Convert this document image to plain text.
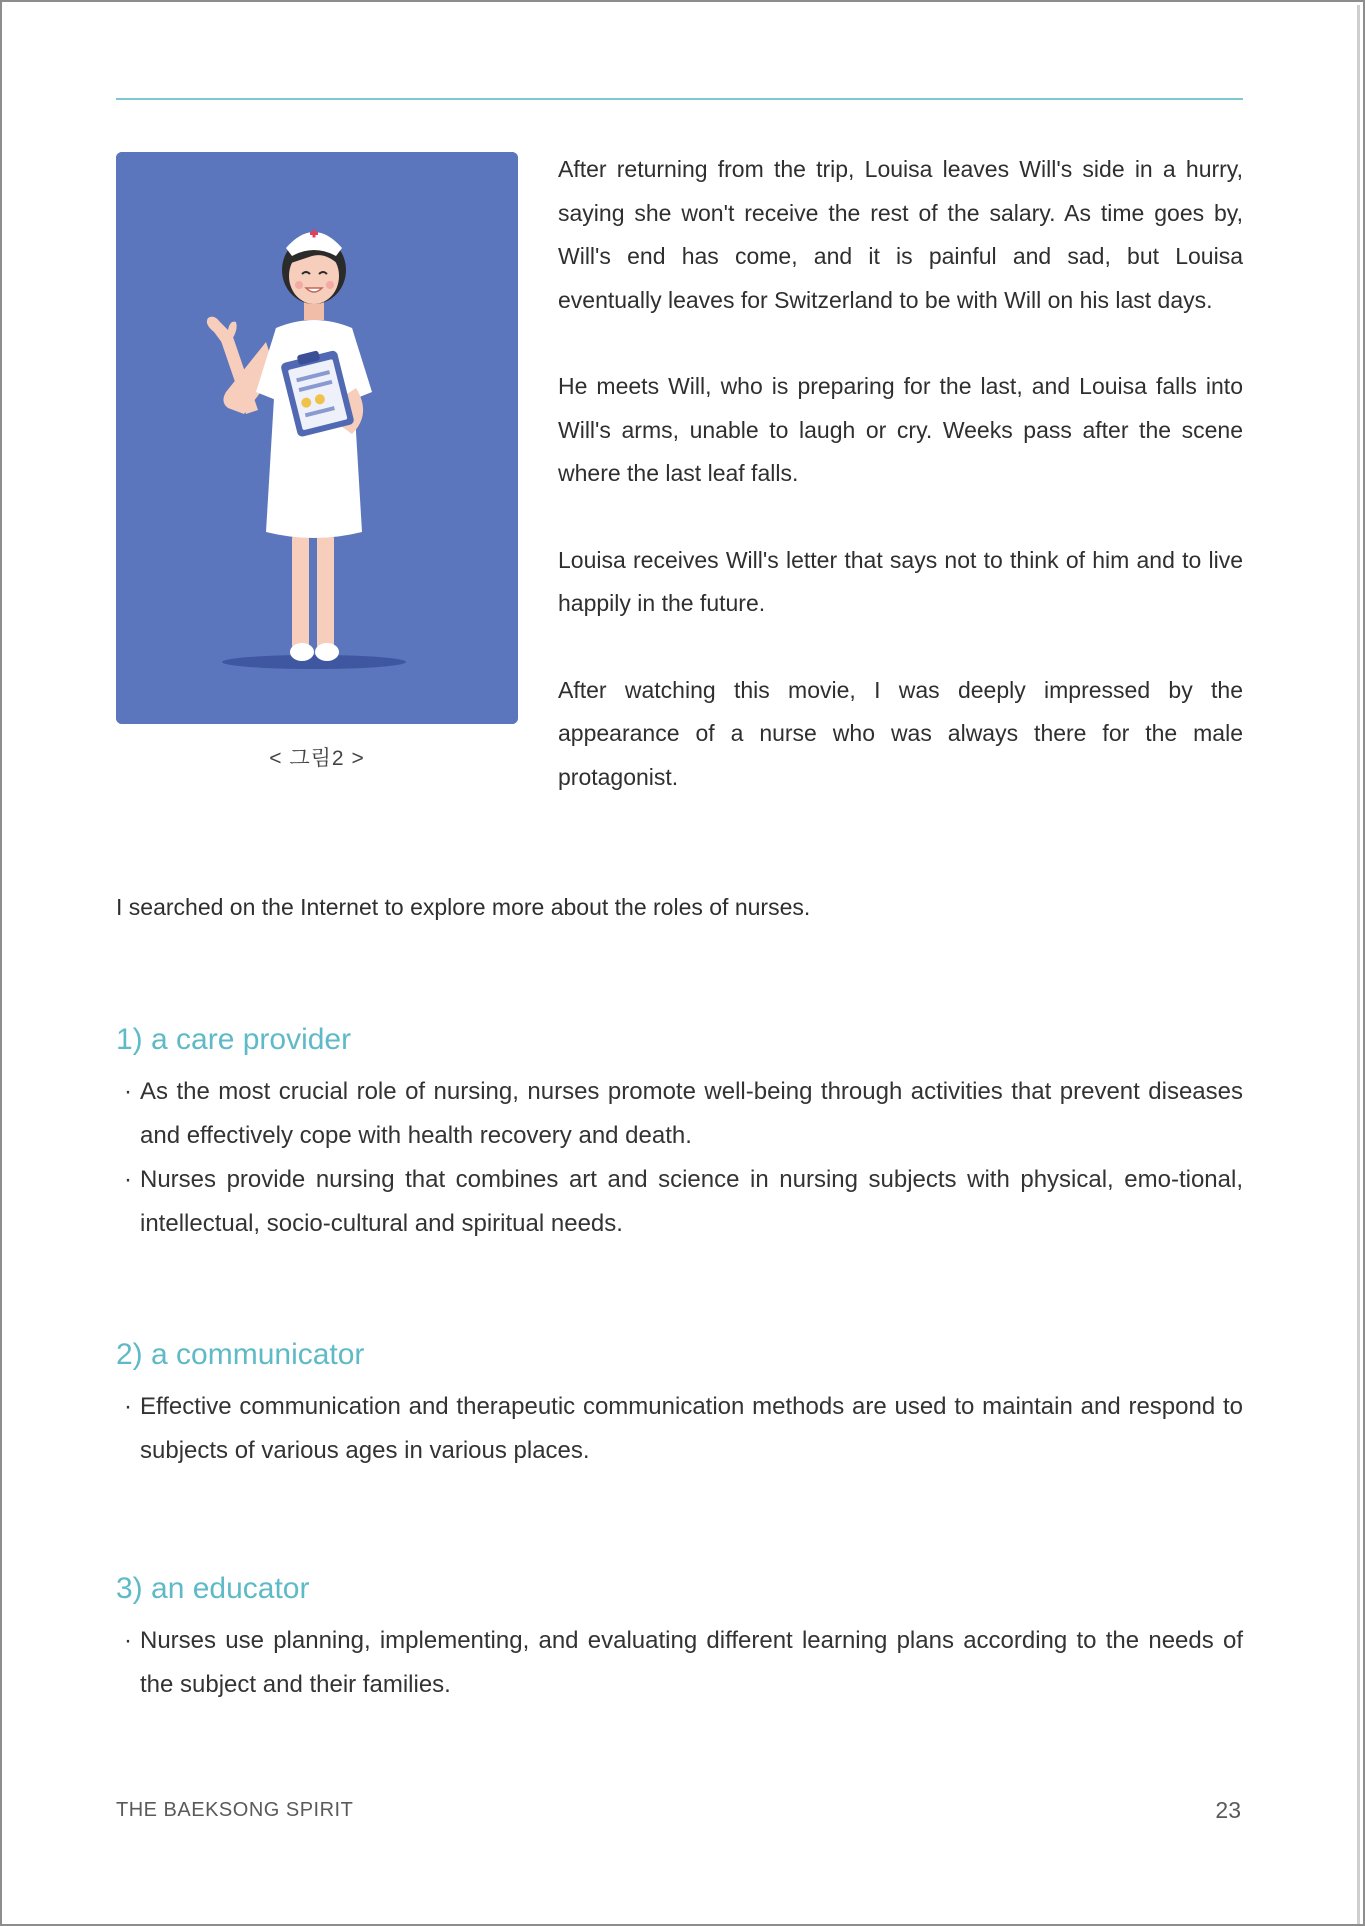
< 그림2 >

After returning from the trip, Louisa leaves Will's side in a hurry, saying she won't receive the rest of the salary. As time goes by, Will's end has come, and it is painful and sad, but Louisa eventually leaves for Switzerland to be with Will on his last days.

He meets Will, who is preparing for the last, and Louisa falls into Will's arms, unable to laugh or cry. Weeks pass after the scene where the last leaf falls.

Louisa receives Will's letter that says not to think of him and to live happily in the future.

After watching this movie, I was deeply impressed by the appearance of a nurse who was always there for the male protagonist.

I searched on the Internet to explore more about the roles of nurses.
1) a care provider
· As the most crucial role of nursing, nurses promote well-being through activities that prevent diseases and effectively cope with health recovery and death.
· Nurses provide nursing that combines art and science in nursing subjects with physical, emo-tional, intellectual, socio-cultural and spiritual needs.
2) a communicator
· Effective communication and therapeutic communication methods are used to maintain and respond to subjects of various ages in various places.
3) an educator
· Nurses use planning, implementing, and evaluating different learning plans according to the needs of the subject and their families.
THE BAEKSONG SPIRIT	23
